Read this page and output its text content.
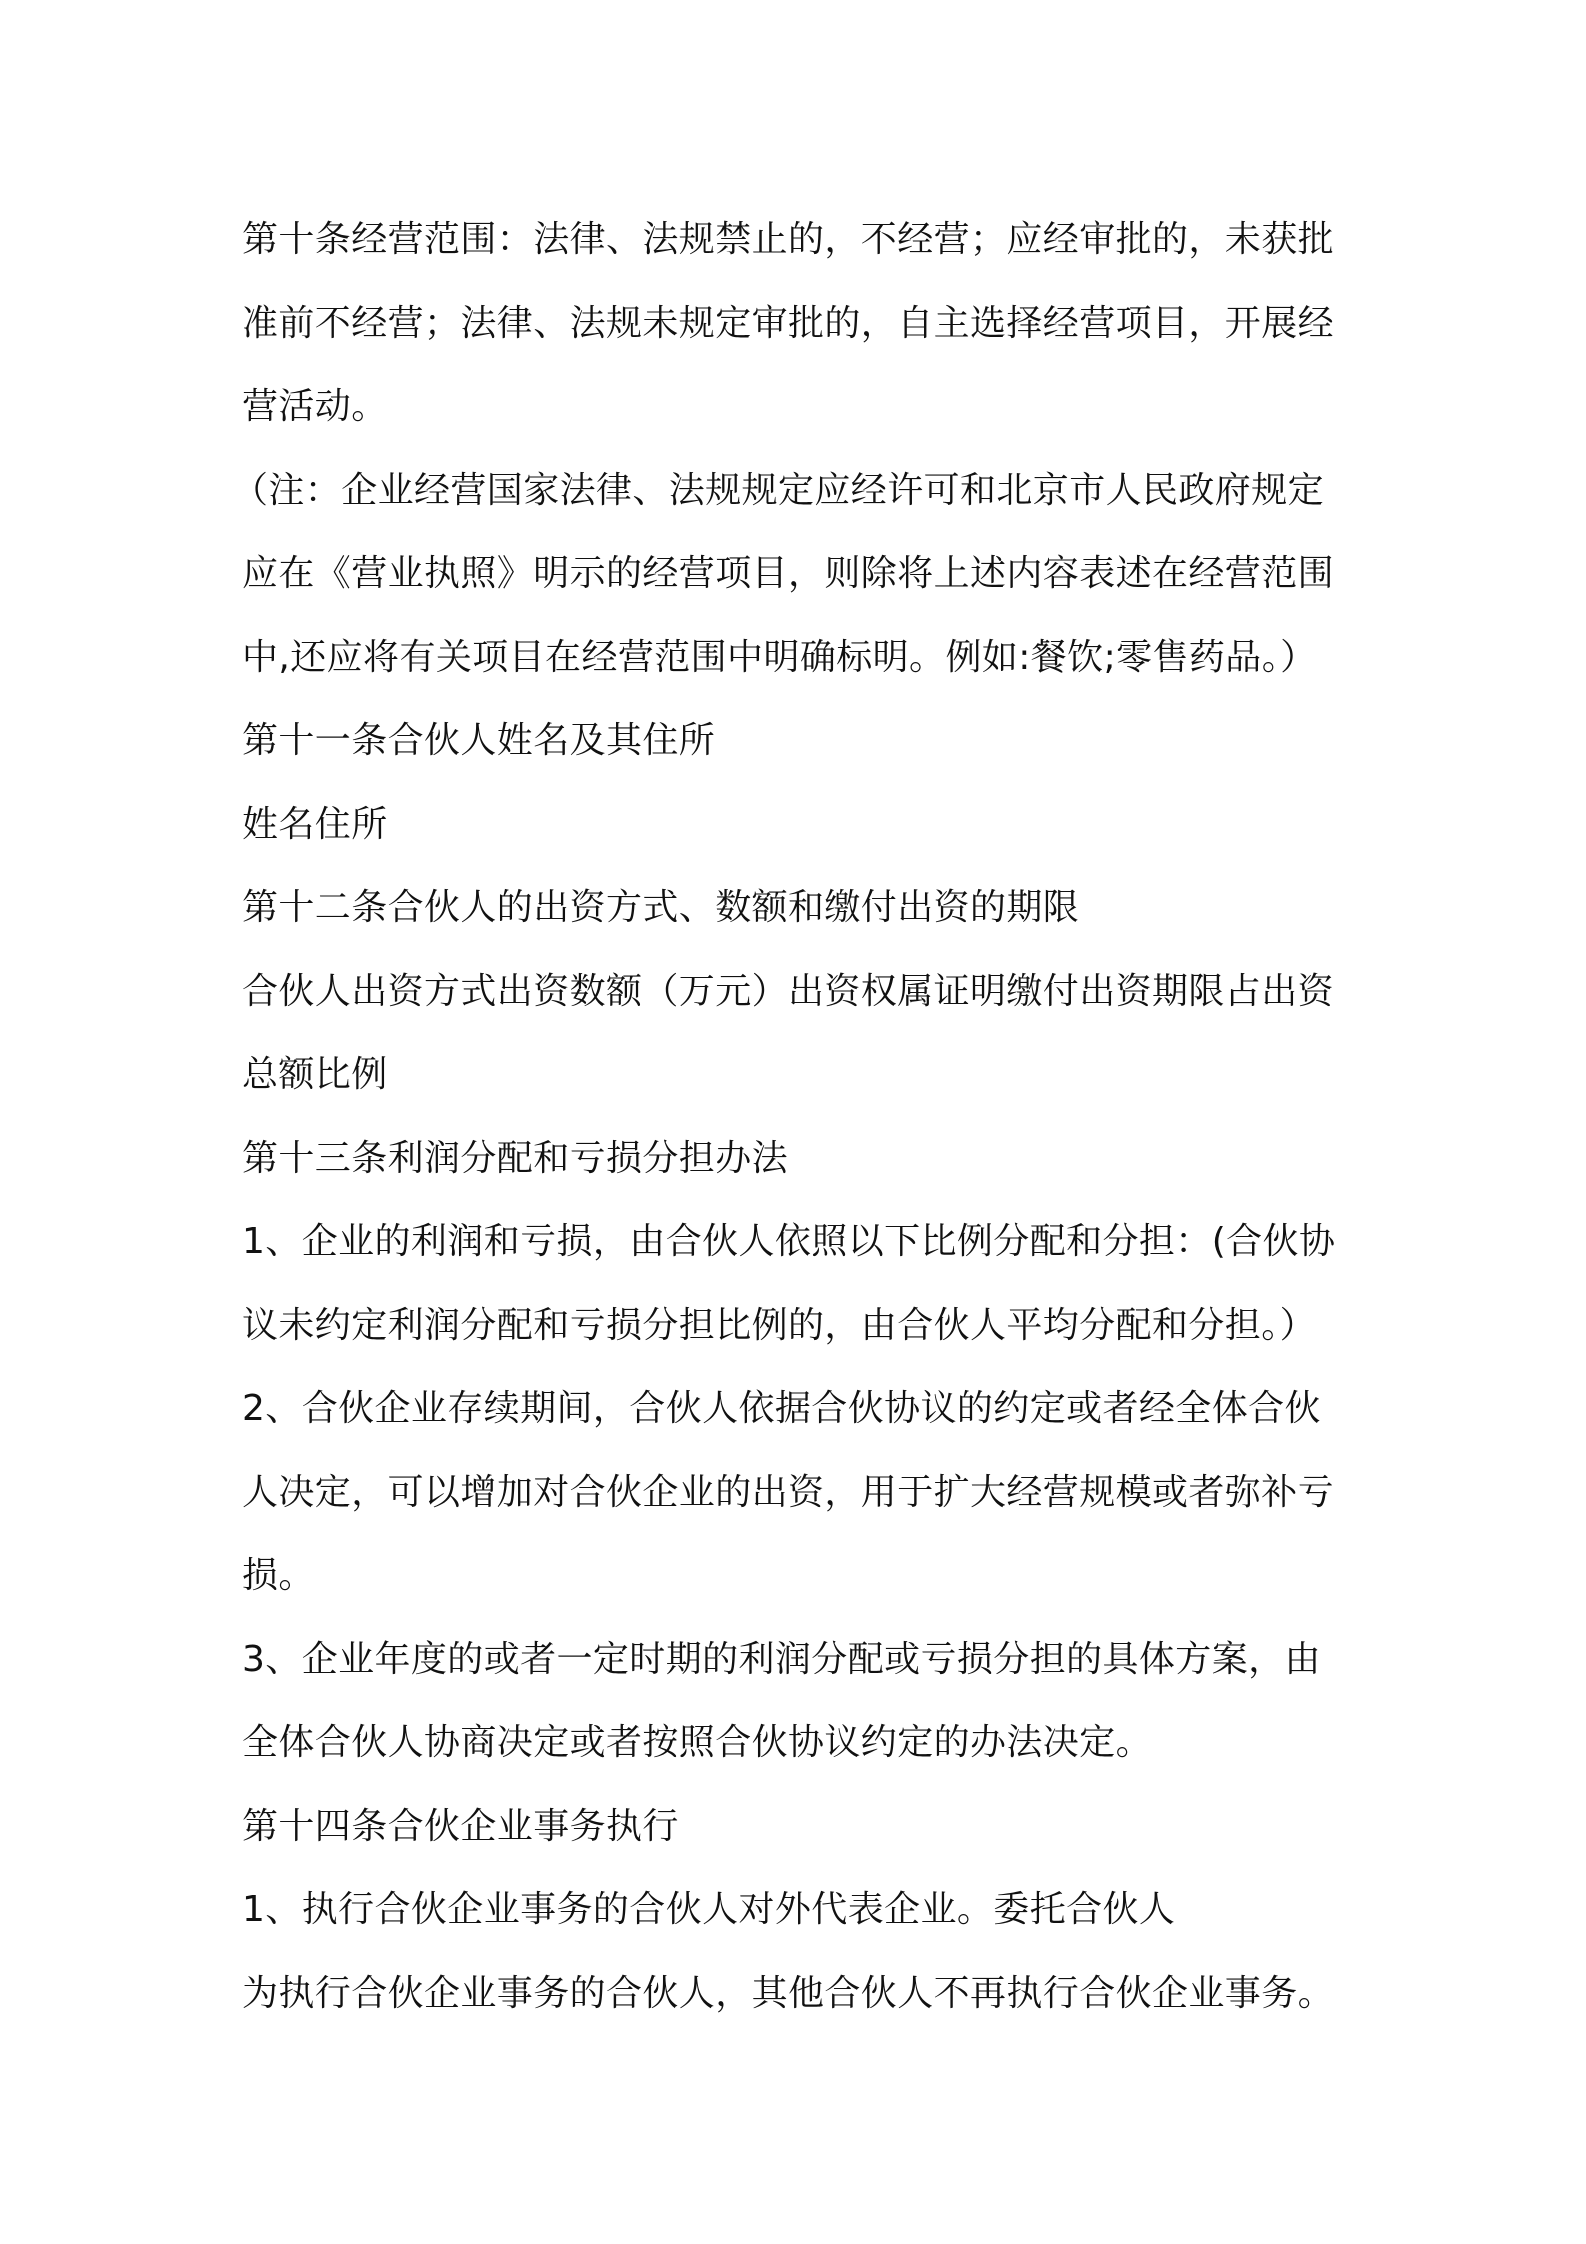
第十条经营范围：法律、法规禁止的，不经营；应经审批的，未获批
准前不经营；法律、法规未规定审批的，自主选择经营项目，开展经
营活动。
（注：企业经营国家法律、法规规定应经许可和北京市人民政府规定
应在《营业执照》明示的经营项目，则除将上述内容表述在经营范围
中,还应将有关项目在经营范围中明确标明。例如:餐饮;零售药品。）
第十一条合伙人姓名及其住所
姓名住所
第十二条合伙人的出资方式、数额和缴付出资的期限
合伙人出资方式出资数额（万元）出资权属证明缴付出资期限占出资
总额比例
第十三条利润分配和亏损分担办法
1、企业的利润和亏损，由合伙人依照以下比例分配和分担：(合伙协
议未约定利润分配和亏损分担比例的，由合伙人平均分配和分担。）
2、合伙企业存续期间，合伙人依据合伙协议的约定或者经全体合伙
人决定，可以增加对合伙企业的出资，用于扩大经营规模或者弥补亏
损。
3、企业年度的或者一定时期的利润分配或亏损分担的具体方案，由
全体合伙人协商决定或者按照合伙协议约定的办法决定。
第十四条合伙企业事务执行
1、执行合伙企业事务的合伙人对外代表企业。委托合伙人
为执行合伙企业事务的合伙人，其他合伙人不再执行合伙企业事务。
